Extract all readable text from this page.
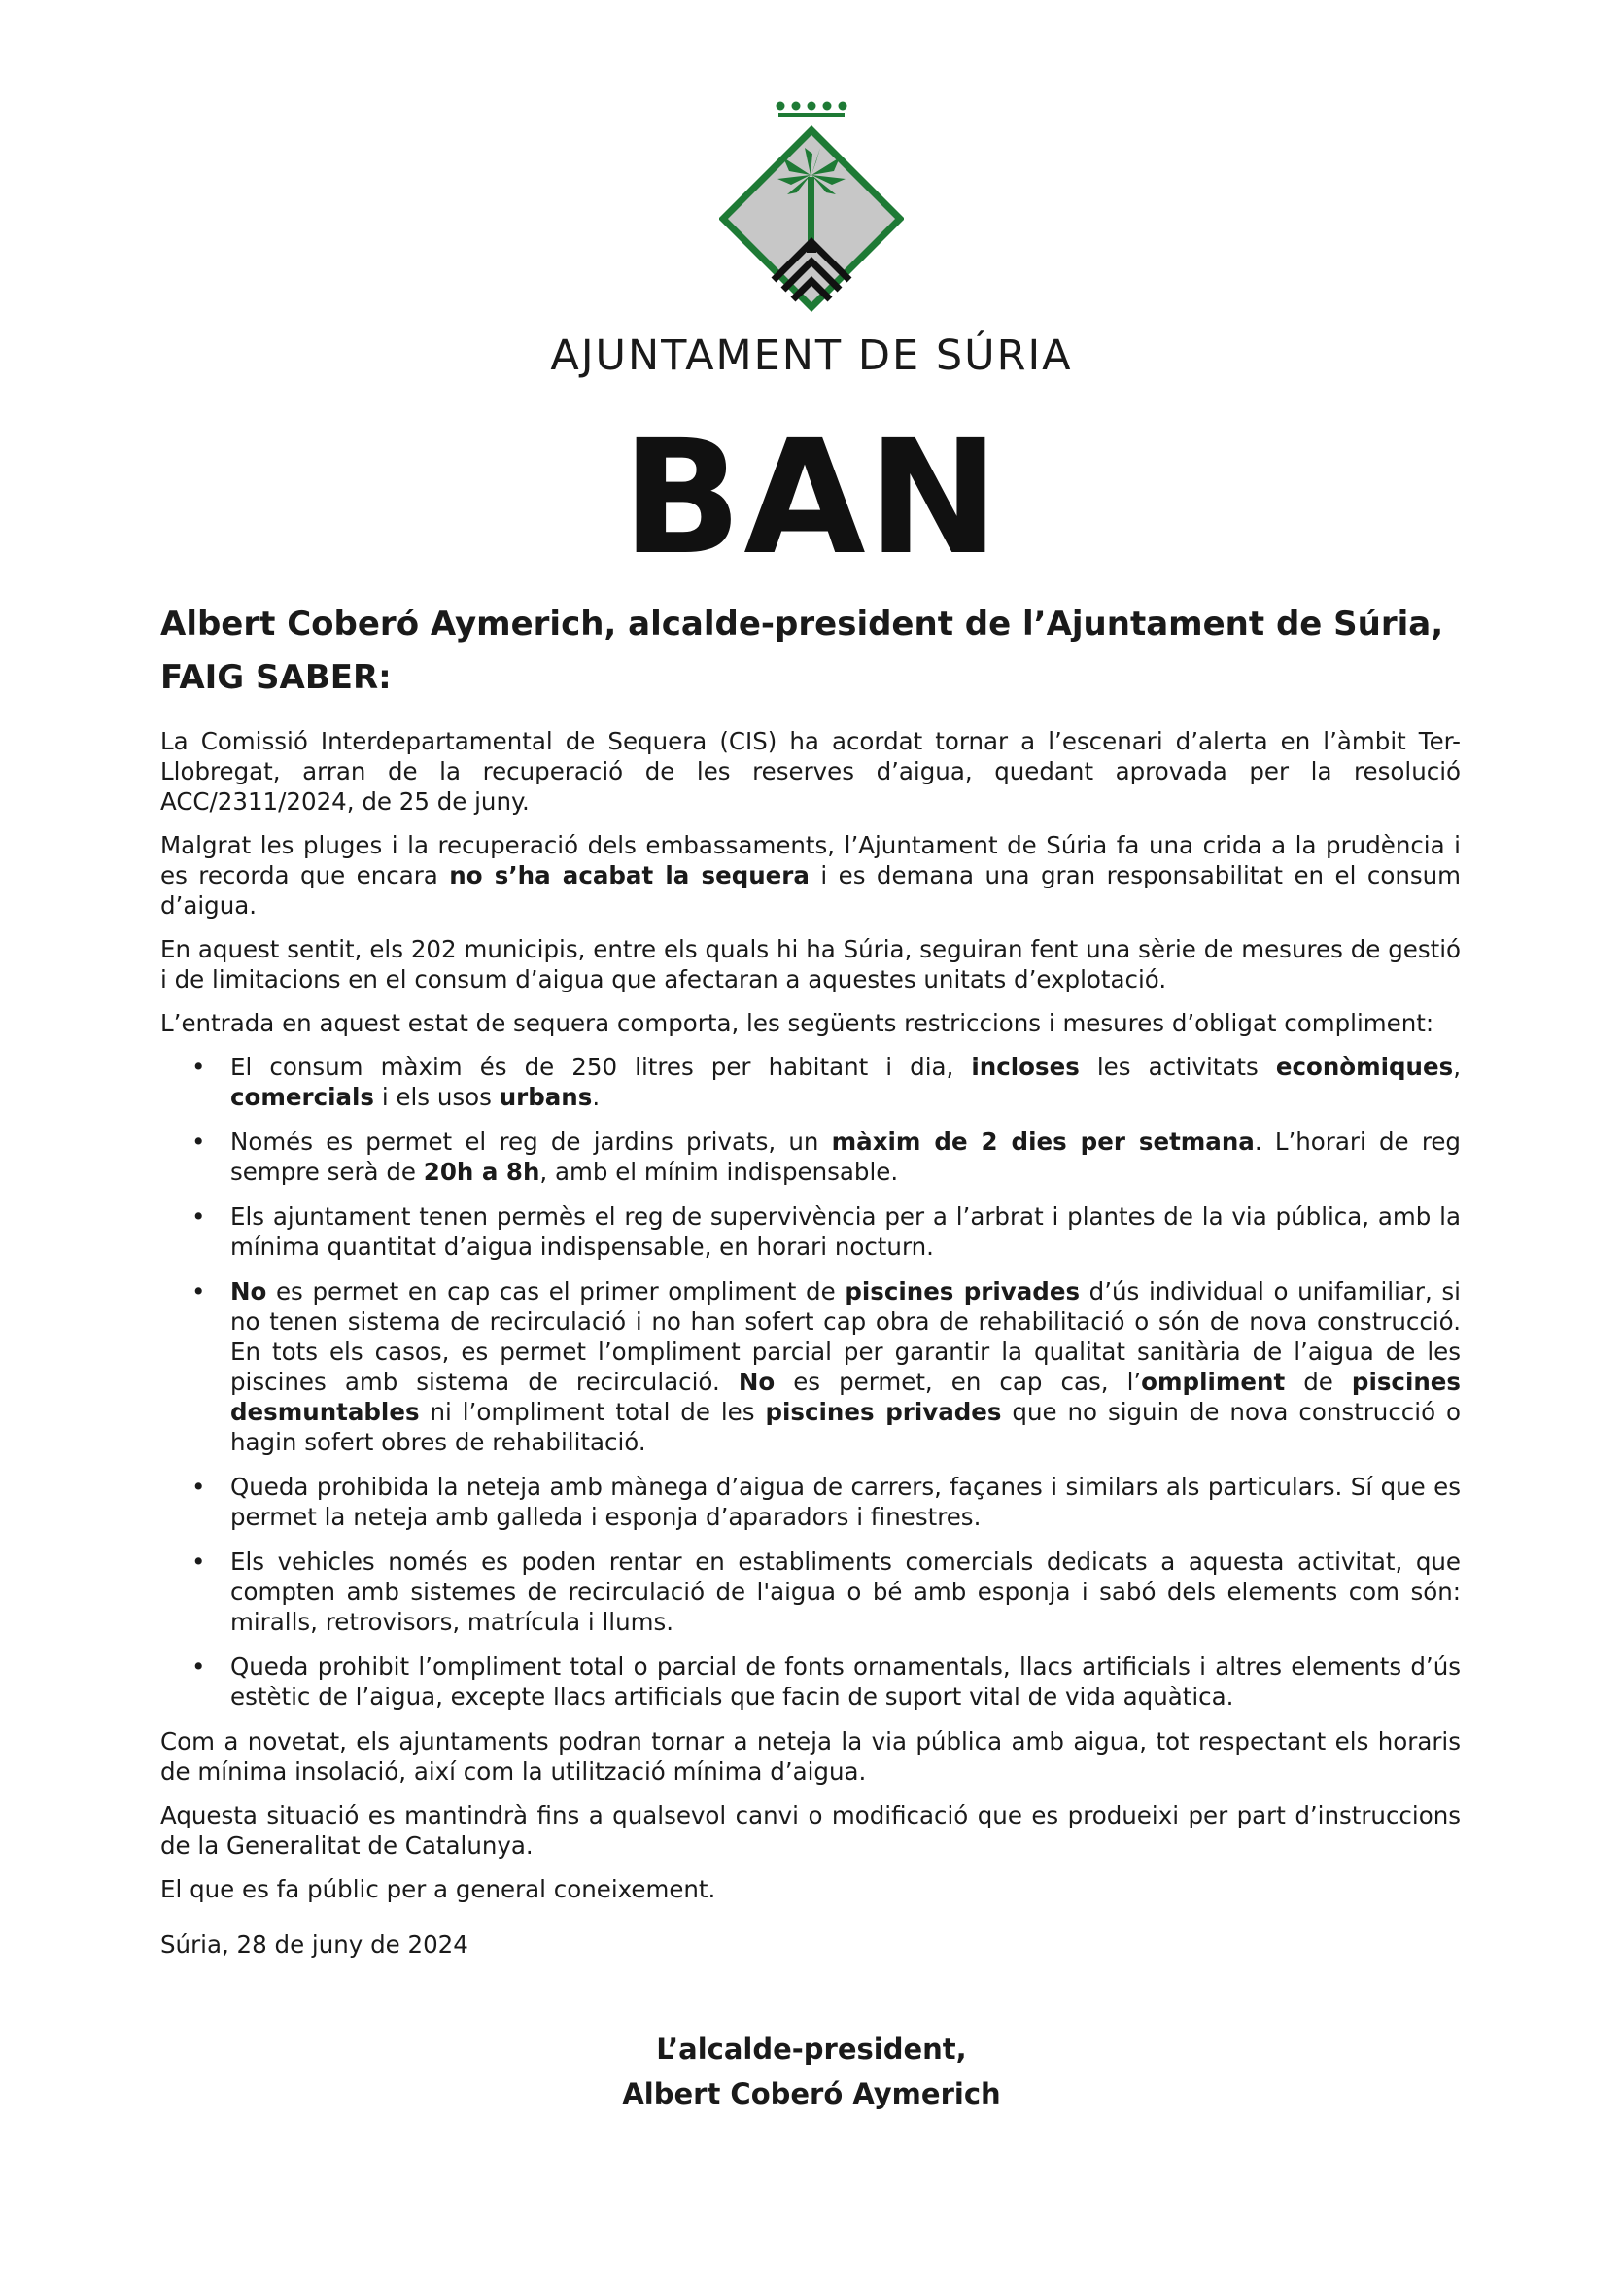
AJUNTAMENT DE SÚRIA
BAN

Albert Coberó Aymerich, alcalde-president de l’Ajuntament de Súria,

FAIG SABER:

La Comissió Interdepartamental de Sequera (CIS) ha acordat tornar a l’escenari d’alerta en l’àmbit Ter-Llobregat, arran de la recuperació de les reserves d’aigua, quedant aprovada per la resolució ACC/2311/2024, de 25 de juny.

Malgrat les pluges i la recuperació dels embassaments, l’Ajuntament de Súria fa una crida a la prudència i es recorda que encara no s’ha acabat la sequera i es demana una gran responsabilitat en el consum d’aigua.

En aquest sentit, els 202 municipis, entre els quals hi ha Súria, seguiran fent una sèrie de mesures de gestió i de limitacions en el consum d’aigua que afectaran a aquestes unitats d’explotació.

L’entrada en aquest estat de sequera comporta, les següents restriccions i mesures d’obligat compliment:

• El consum màxim és de 250 litres per habitant i dia, incloses les activitats econòmiques, comercials i els usos urbans.
• Només es permet el reg de jardins privats, un màxim de 2 dies per setmana. L’horari de reg sempre serà de 20h a 8h, amb el mínim indispensable.
• Els ajuntament tenen permès el reg de supervivència per a l’arbrat i plantes de la via pública, amb la mínima quantitat d’aigua indispensable, en horari nocturn.
• No es permet en cap cas el primer ompliment de piscines privades d’ús individual o unifamiliar, si no tenen sistema de recirculació i no han sofert cap obra de rehabilitació o són de nova construcció. En tots els casos, es permet l’ompliment parcial per garantir la qualitat sanitària de l’aigua de les piscines amb sistema de recirculació. No es permet, en cap cas, l’ompliment de piscines desmuntables ni l’ompliment total de les piscines privades que no siguin de nova construcció o hagin sofert obres de rehabilitació.
• Queda prohibida la neteja amb mànega d’aigua de carrers, façanes i similars als particulars. Sí que es permet la neteja amb galleda i esponja d’aparadors i finestres.
• Els vehicles només es poden rentar en establiments comercials dedicats a aquesta activitat, que compten amb sistemes de recirculació de l'aigua o bé amb esponja i sabó dels elements com són: miralls, retrovisors, matrícula i llums.
• Queda prohibit l’ompliment total o parcial de fonts ornamentals, llacs artificials i altres elements d’ús estètic de l’aigua, excepte llacs artificials que facin de suport vital de vida aquàtica.

Com a novetat, els ajuntaments podran tornar a neteja la via pública amb aigua, tot respectant els horaris de mínima insolació, així com la utilització mínima d’aigua.

Aquesta situació es mantindrà fins a qualsevol canvi o modificació que es produeixi per part d’instruccions de la Generalitat de Catalunya.

El que es fa públic per a general coneixement.

Súria, 28 de juny de 2024

L’alcalde-president,
Albert Coberó Aymerich
